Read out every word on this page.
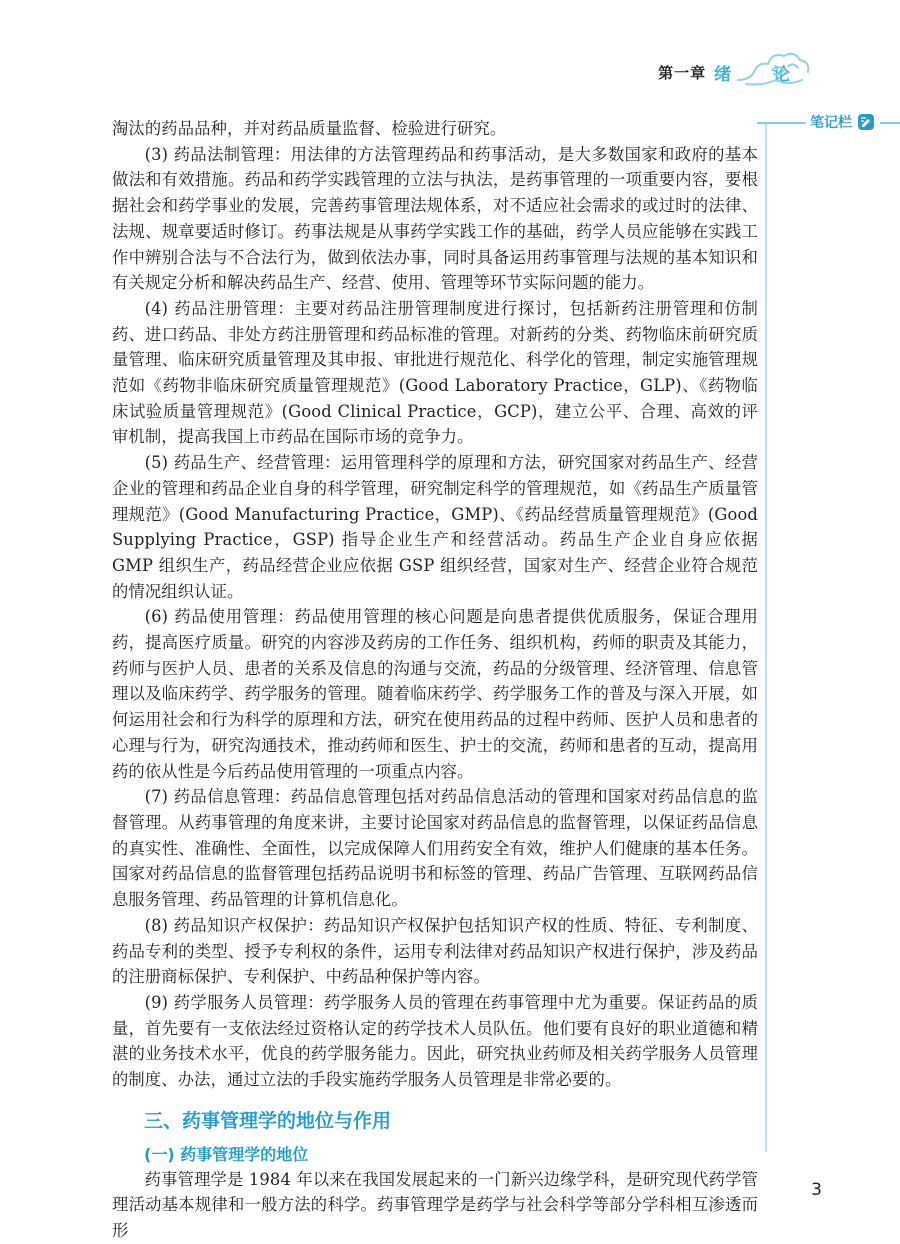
第一章 绪 论
笔记栏

淘汰的药品品种，并对药品质量监督、检验进行研究。

(3) 药品法制管理：用法律的方法管理药品和药事活动，是大多数国家和政府的基本做法和有效措施。药品和药学实践管理的立法与执法，是药事管理的一项重要内容，要根据社会和药学事业的发展，完善药事管理法规体系，对不适应社会需求的或过时的法律、法规、规章要适时修订。药事法规是从事药学实践工作的基础，药学人员应能够在实践工作中辨别合法与不合法行为，做到依法办事，同时具备运用药事管理与法规的基本知识和有关规定分析和解决药品生产、经营、使用、管理等环节实际问题的能力。

(4) 药品注册管理：主要对药品注册管理制度进行探讨，包括新药注册管理和仿制药、进口药品、非处方药注册管理和药品标准的管理。对新药的分类、药物临床前研究质量管理、临床研究质量管理及其申报、审批进行规范化、科学化的管理，制定实施管理规范如《药物非临床研究质量管理规范》(Good Laboratory Practice，GLP)、《药物临床试验质量管理规范》(Good Clinical Practice，GCP)，建立公平、合理、高效的评审机制，提高我国上市药品在国际市场的竞争力。

(5) 药品生产、经营管理：运用管理科学的原理和方法，研究国家对药品生产、经营企业的管理和药品企业自身的科学管理，研究制定科学的管理规范，如《药品生产质量管理规范》(Good Manufacturing Practice，GMP)、《药品经营质量管理规范》(Good Supplying Practice，GSP) 指导企业生产和经营活动。药品生产企业自身应依据 GMP 组织生产，药品经营企业应依据 GSP 组织经营，国家对生产、经营企业符合规范的情况组织认证。

(6) 药品使用管理：药品使用管理的核心问题是向患者提供优质服务，保证合理用药，提高医疗质量。研究的内容涉及药房的工作任务、组织机构，药师的职责及其能力，药师与医护人员、患者的关系及信息的沟通与交流，药品的分级管理、经济管理、信息管理以及临床药学、药学服务的管理。随着临床药学、药学服务工作的普及与深入开展，如何运用社会和行为科学的原理和方法，研究在使用药品的过程中药师、医护人员和患者的心理与行为，研究沟通技术，推动药师和医生、护士的交流，药师和患者的互动，提高用药的依从性是今后药品使用管理的一项重点内容。

(7) 药品信息管理：药品信息管理包括对药品信息活动的管理和国家对药品信息的监督管理。从药事管理的角度来讲，主要讨论国家对药品信息的监督管理，以保证药品信息的真实性、准确性、全面性，以完成保障人们用药安全有效，维护人们健康的基本任务。国家对药品信息的监督管理包括药品说明书和标签的管理、药品广告管理、互联网药品信息服务管理、药品管理的计算机信息化。

(8) 药品知识产权保护：药品知识产权保护包括知识产权的性质、特征、专利制度、药品专利的类型、授予专利权的条件，运用专利法律对药品知识产权进行保护，涉及药品的注册商标保护、专利保护、中药品种保护等内容。

(9) 药学服务人员管理：药学服务人员的管理在药事管理中尤为重要。保证药品的质量，首先要有一支依法经过资格认定的药学技术人员队伍。他们要有良好的职业道德和精湛的业务技术水平，优良的药学服务能力。因此，研究执业药师及相关药学服务人员管理的制度、办法，通过立法的手段实施药学服务人员管理是非常必要的。

三、药事管理学的地位与作用
(一) 药事管理学的地位

药事管理学是 1984 年以来在我国发展起来的一门新兴边缘学科，是研究现代药学管理活动基本规律和一般方法的科学。药事管理学是药学与社会科学等部分学科相互渗透而形

3
